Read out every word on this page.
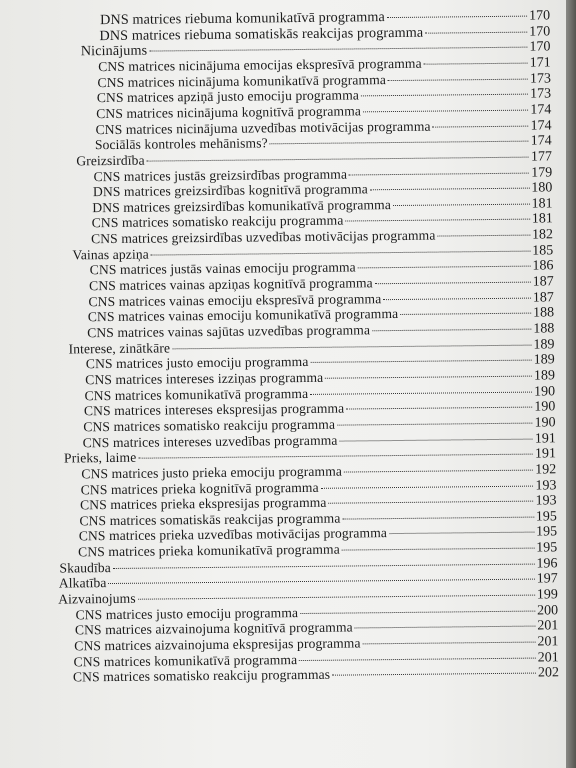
DNS matrices riebuma komunikatīvā programma	170
DNS matrices riebuma somatiskās reakcijas programma	170
Nicinājums	170
CNS matrices nicinājuma emocijas ekspresīvā programma	171
CNS matrices nicinājuma komunikatīvā programma	173
CNS matrices apziņā justo emociju programma	173
CNS matrices nicinājuma kognitīvā programma	174
CNS matrices nicinājuma uzvedības motivācijas programma	174
Sociālās kontroles mehānisms?	174
Greizsirdība	177
CNS matrices justās greizsirdības programma	179
DNS matrices greizsirdības kognitīvā programma	180
DNS matrices greizsirdības komunikatīvā programma	181
CNS matrices somatisko reakciju programma	181
CNS matrices greizsirdības uzvedības motivācijas programma	182
Vainas apziņa	185
CNS matrices justās vainas emociju programma	186
CNS matrices vainas apziņas kognitīvā programma	187
CNS matrices vainas emociju ekspresīvā programma	187
CNS matrices vainas emociju komunikatīvā programma	188
CNS matrices vainas sajūtas uzvedības programma	188
Interese, zinātkāre	189
CNS matrices justo emociju programma	189
CNS matrices intereses izziņas programma	189
CNS matrices komunikatīvā programma	190
CNS matrices intereses ekspresijas programma	190
CNS matrices somatisko reakciju programma	190
CNS matrices intereses uzvedības programma	191
Prieks, laime	191
CNS matrices justo prieka emociju programma	192
CNS matrices prieka kognitīvā programma	193
CNS matrices prieka ekspresijas programma	193
CNS matrices somatiskās reakcijas programma	195
CNS matrices prieka uzvedības motivācijas programma	195
CNS matrices prieka komunikatīvā programma	195
Skaudība	196
Alkatība	197
Aizvainojums	199
CNS matrices justo emociju programma	200
CNS matrices aizvainojuma kognitīvā programma	201
CNS matrices aizvainojuma ekspresijas programma	201
CNS matrices komunikatīvā programma	201
CNS matrices somatisko reakciju programmas	202
